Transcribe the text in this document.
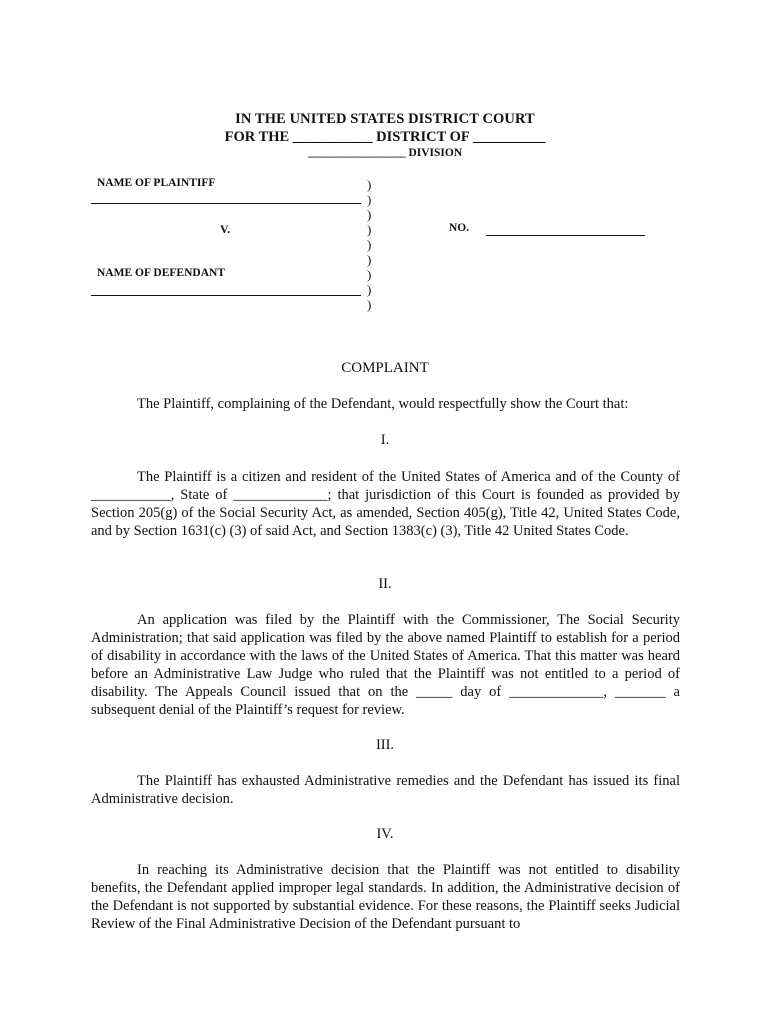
IN THE UNITED STATES DISTRICT COURT
FOR THE ___________ DISTRICT OF __________
_________________ DIVISION
NAME OF PLAINTIFF
V.
NAME OF DEFENDANT
NO.
)
)
)
)
)
)
)
)
)
COMPLAINT
The Plaintiff, complaining of the Defendant, would respectfully show the Court that:
I.
The Plaintiff is a citizen and resident of the United States of America and of the County of ___________, State of _____________; that jurisdiction of this Court is founded as provided by Section 205(g) of the Social Security Act, as amended, Section 405(g), Title 42, United States Code, and by Section 1631(c) (3) of said Act, and Section 1383(c) (3), Title 42 United States Code.
II.
An application was filed by the Plaintiff with the Commissioner, The Social Security Administration; that said application was filed by the above named Plaintiff to establish for a period of disability in accordance with the laws of the United States of America. That this matter was heard before an Administrative Law Judge who ruled that the Plaintiff was not entitled to a period of disability. The Appeals Council issued that on the _____ day of _____________, _______ a subsequent denial of the Plaintiff’s request for review.
III.
The Plaintiff has exhausted Administrative remedies and the Defendant has issued its final Administrative decision.
IV.
In reaching its Administrative decision that the Plaintiff was not entitled to disability benefits, the Defendant applied improper legal standards. In addition, the Administrative decision of the Defendant is not supported by substantial evidence. For these reasons, the Plaintiff seeks Judicial Review of the Final Administrative Decision of the Defendant pursuant to
